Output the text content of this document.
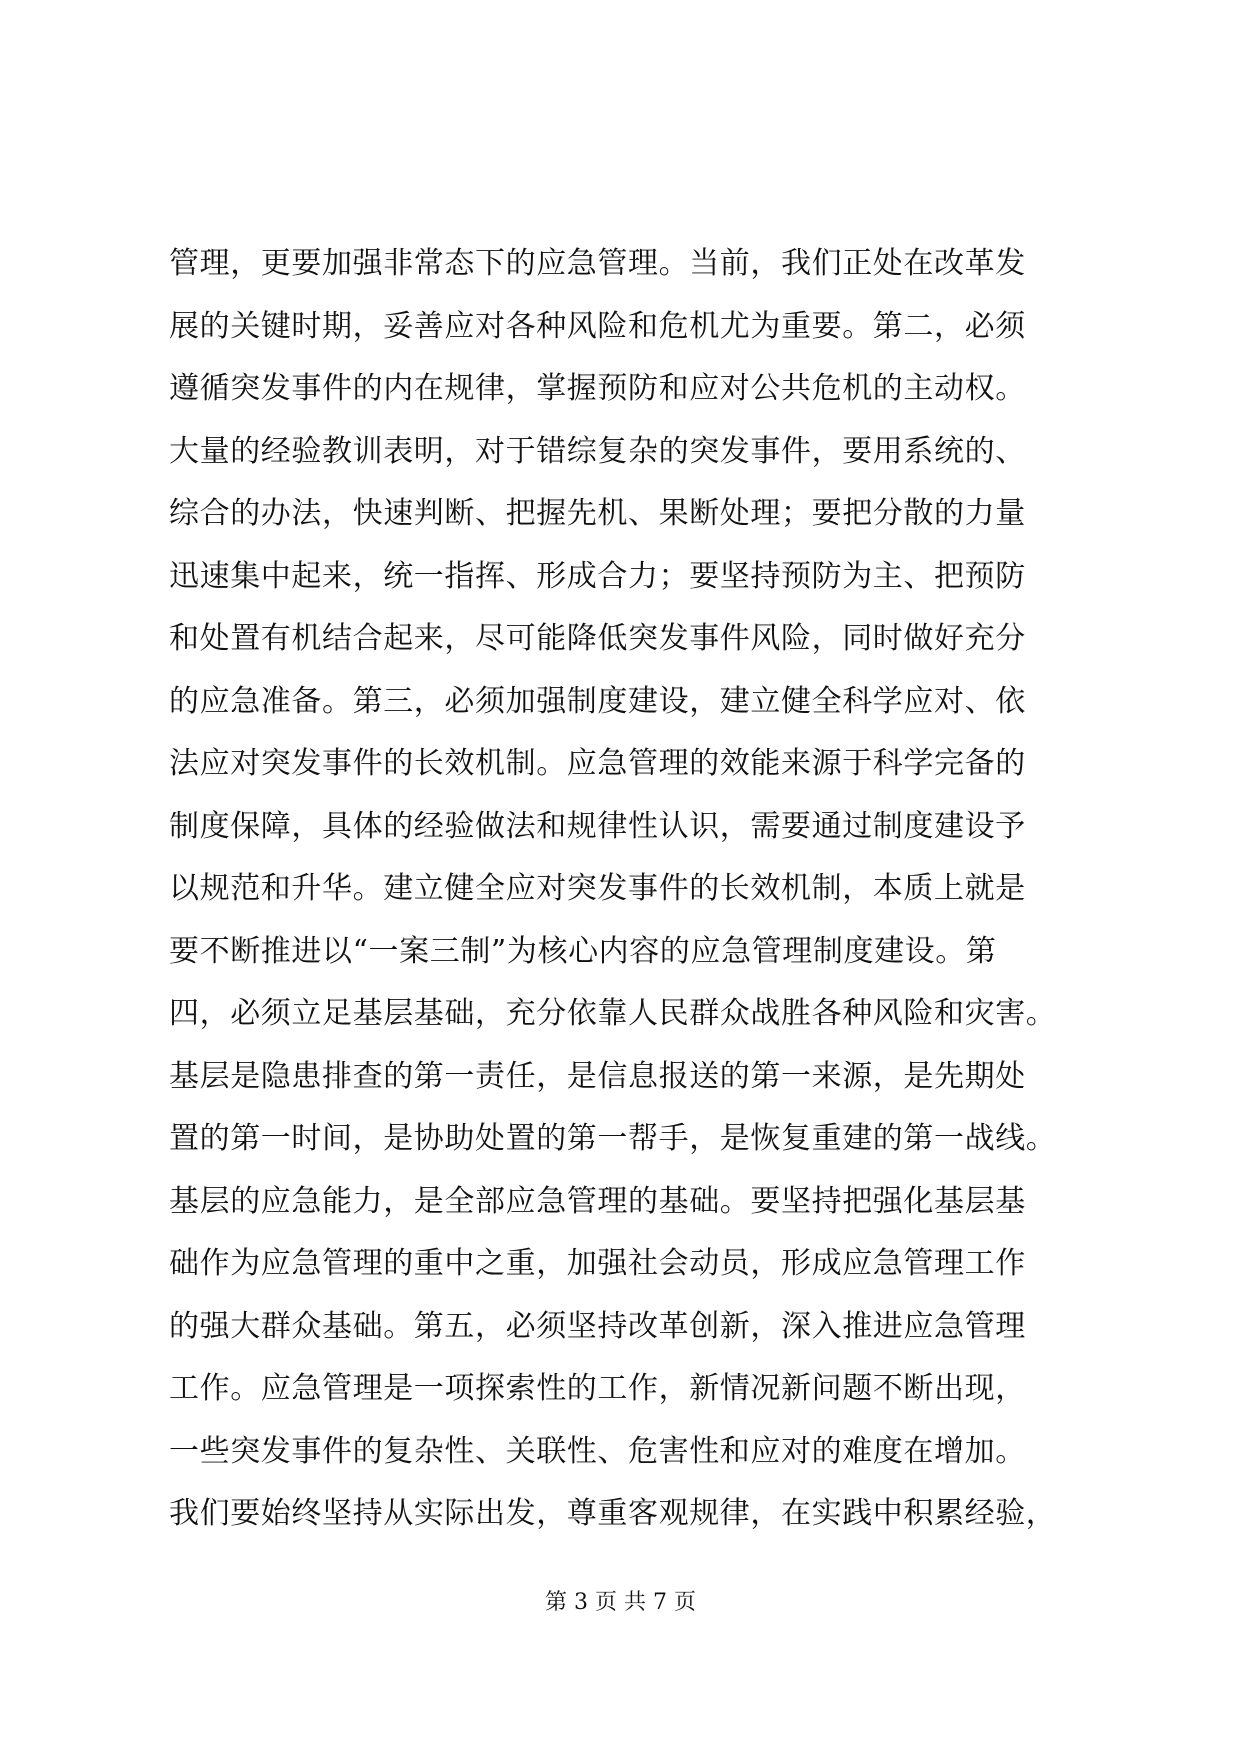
管理，更要加强非常态下的应急管理。当前，我们正处在改革发
展的关键时期，妥善应对各种风险和危机尤为重要。第二，必须
遵循突发事件的内在规律，掌握预防和应对公共危机的主动权。
大量的经验教训表明，对于错综复杂的突发事件，要用系统的、
综合的办法，快速判断、把握先机、果断处理；要把分散的力量
迅速集中起来，统一指挥、形成合力；要坚持预防为主、把预防
和处置有机结合起来，尽可能降低突发事件风险，同时做好充分
的应急准备。第三，必须加强制度建设，建立健全科学应对、依
法应对突发事件的长效机制。应急管理的效能来源于科学完备的
制度保障，具体的经验做法和规律性认识，需要通过制度建设予
以规范和升华。建立健全应对突发事件的长效机制，本质上就是
要不断推进以“一案三制”为核心内容的应急管理制度建设。第
四，必须立足基层基础，充分依靠人民群众战胜各种风险和灾害。
基层是隐患排查的第一责任，是信息报送的第一来源，是先期处
置的第一时间，是协助处置的第一帮手，是恢复重建的第一战线。
基层的应急能力，是全部应急管理的基础。要坚持把强化基层基
础作为应急管理的重中之重，加强社会动员，形成应急管理工作
的强大群众基础。第五，必须坚持改革创新，深入推进应急管理
工作。应急管理是一项探索性的工作，新情况新问题不断出现，
一些突发事件的复杂性、关联性、危害性和应对的难度在增加。
我们要始终坚持从实际出发，尊重客观规律，在实践中积累经验，
第 3 页 共 7 页
